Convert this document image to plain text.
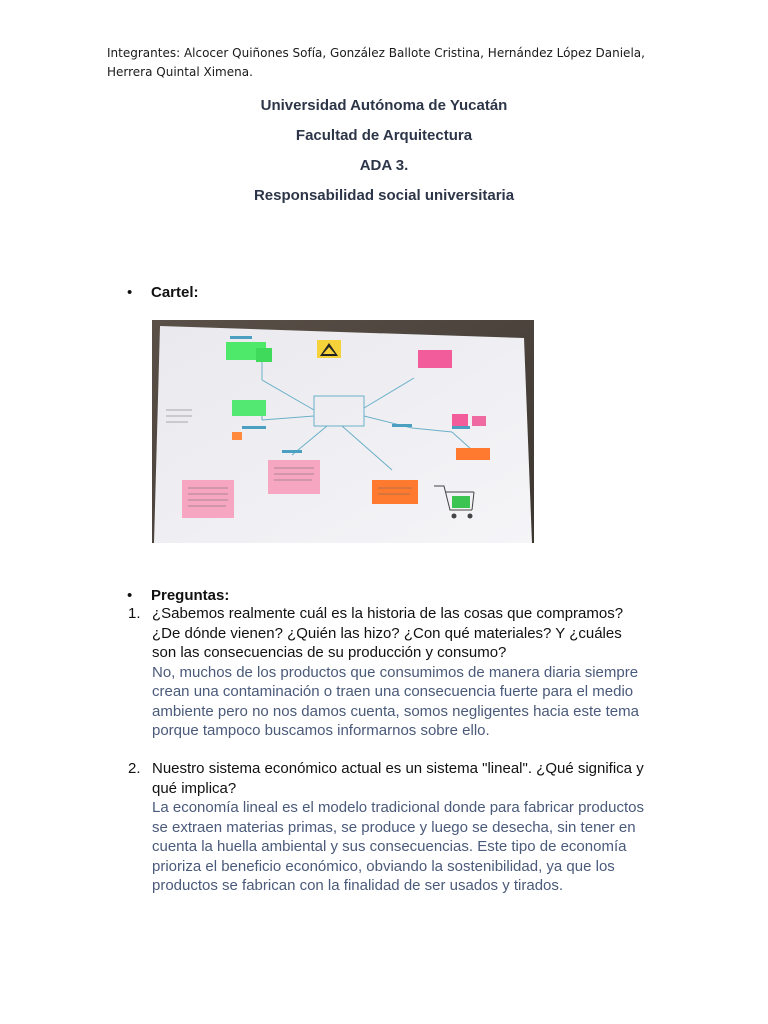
Integrantes: Alcocer Quiñones Sofía, González Ballote Cristina, Hernández López Daniela, Herrera Quintal Ximena.
Universidad Autónoma de Yucatán
Facultad de Arquitectura
ADA 3.
Responsabilidad social universitaria
• Cartel:
• Preguntas:
1. ¿Sabemos realmente cuál es la historia de las cosas que compramos? ¿De dónde vienen? ¿Quién las hizo? ¿Con qué materiales? Y ¿cuáles son las consecuencias de su producción y consumo?
No, muchos de los productos que consumimos de manera diaria siempre crean una contaminación o traen una consecuencia fuerte para el medio ambiente pero no nos damos cuenta, somos negligentes hacia este tema porque tampoco buscamos informarnos sobre ello.
2. Nuestro sistema económico actual es un sistema "lineal". ¿Qué significa y qué implica?
La economía lineal es el modelo tradicional donde para fabricar productos se extraen materias primas, se produce y luego se desecha, sin tener en cuenta la huella ambiental y sus consecuencias. Este tipo de economía prioriza el beneficio económico, obviando la sostenibilidad, ya que los productos se fabrican con la finalidad de ser usados y tirados.
